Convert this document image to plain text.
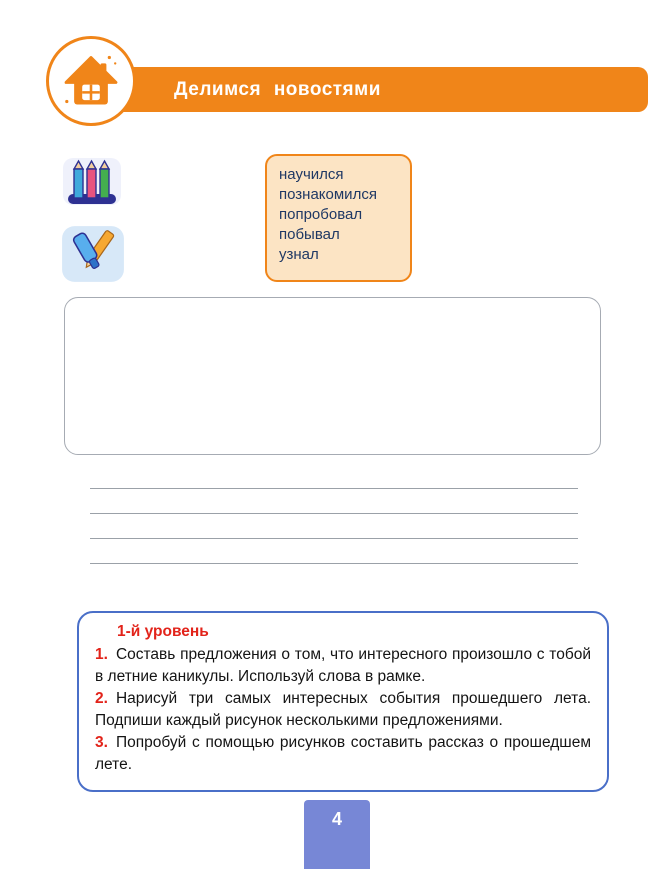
Делимся новостями
научился
познакомился
попробовал
побывал
узнал
1-й уровень

1. Составь предложения о том, что интересного произошло с тобой в летние каникулы. Используй слова в рамке.

2. Нарисуй три самых интересных события прошедшего лета. Подпиши каждый рисунок несколькими предложениями.

3. Попробуй с помощью рисунков составить рассказ о прошедшем лете.

4
